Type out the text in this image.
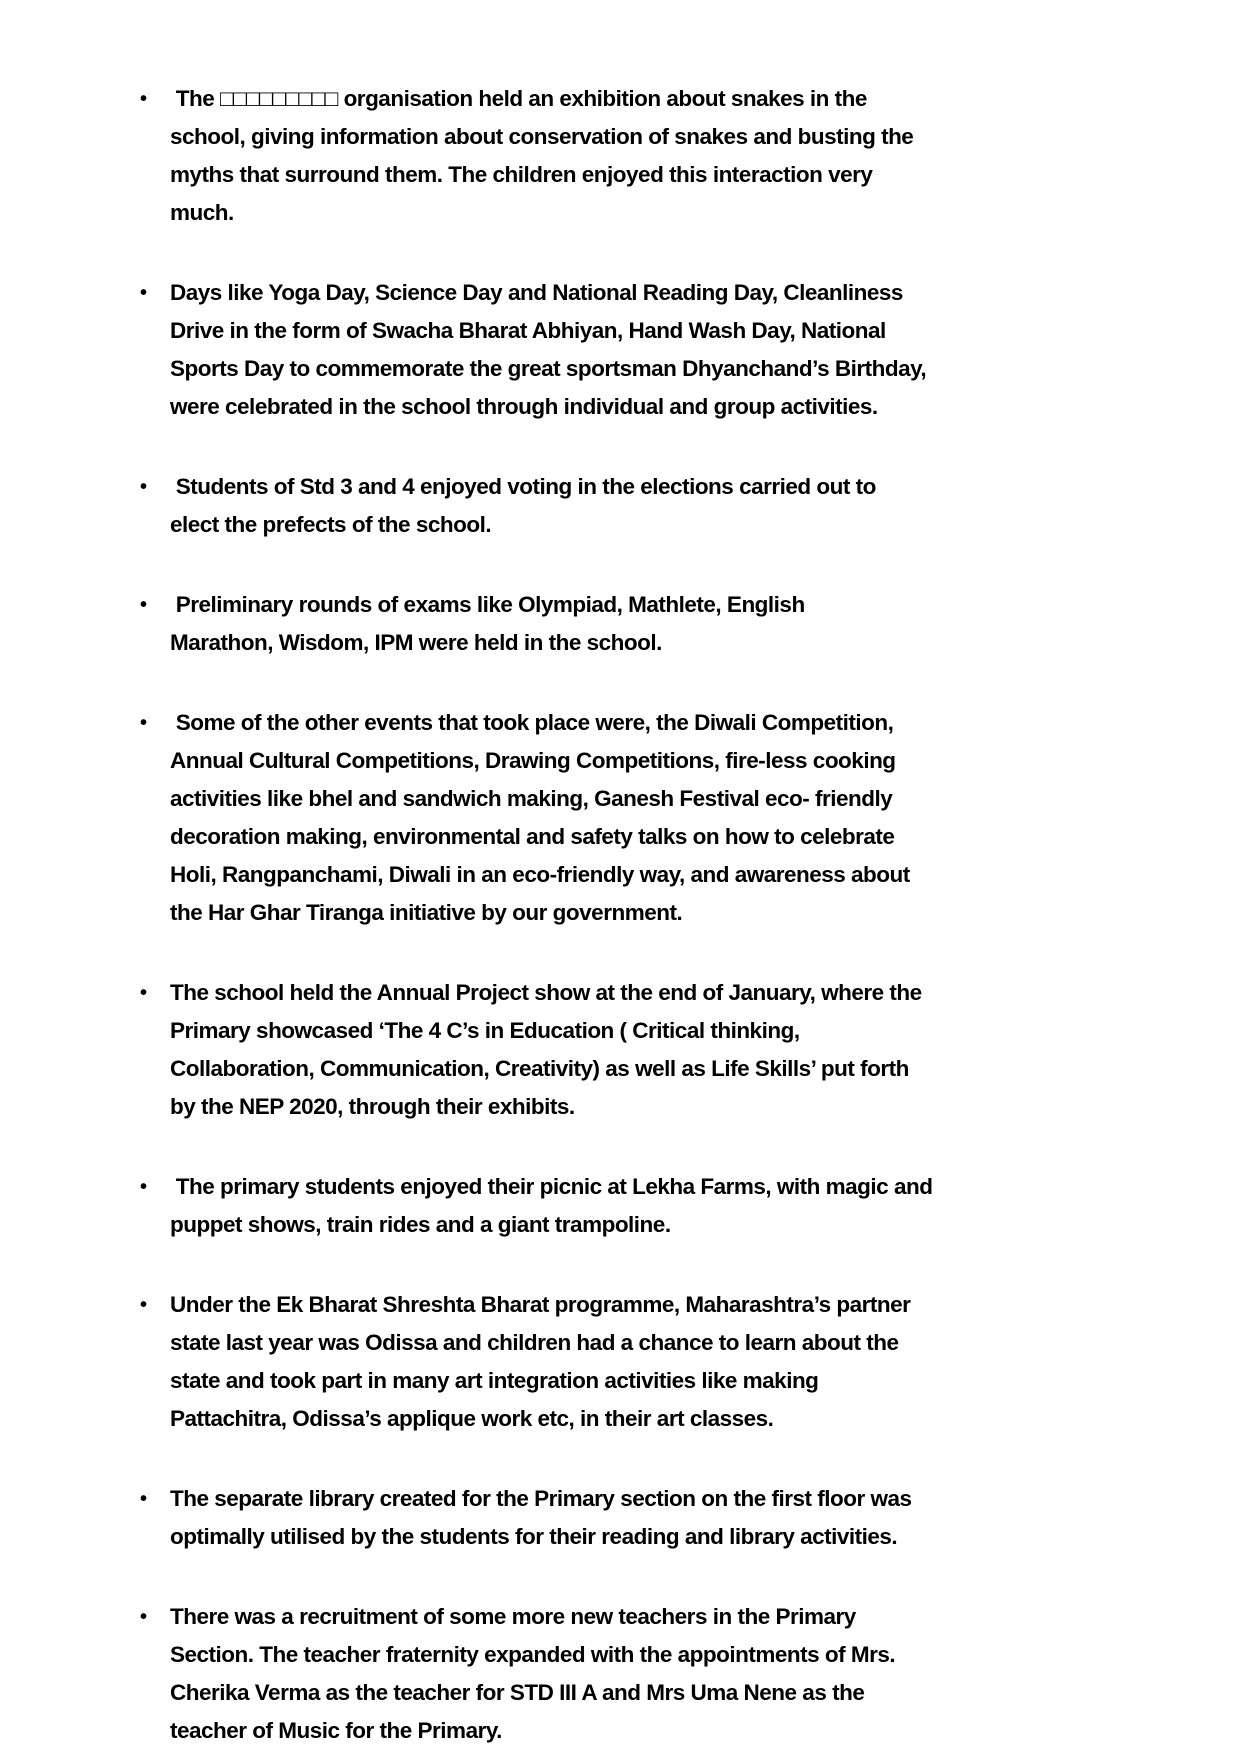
•	The □□□□□□□□□ organisation held an exhibition about snakes in the
school, giving information about conservation of snakes and busting the
myths that surround them. The children enjoyed this interaction very
much.
•	Days like Yoga Day, Science Day and National Reading Day, Cleanliness
Drive in the form of Swacha Bharat Abhiyan, Hand Wash Day, National
Sports Day to commemorate the great sportsman Dhyanchand’s Birthday,
were celebrated in the school through individual and group activities.
•	Students of Std 3 and 4 enjoyed voting in the elections carried out to
elect the prefects of the school.
•	Preliminary rounds of exams like Olympiad, Mathlete, English
Marathon, Wisdom, IPM were held in the school.
•	Some of the other events that took place were, the Diwali Competition,
Annual Cultural Competitions, Drawing Competitions, fire-less cooking
activities like bhel and sandwich making, Ganesh Festival eco- friendly
decoration making, environmental and safety talks on how to celebrate
Holi, Rangpanchami, Diwali in an eco-friendly way, and awareness about
the Har Ghar Tiranga initiative by our government.
•	The school held the Annual Project show at the end of January, where the
Primary showcased ‘The 4 C’s in Education ( Critical thinking,
Collaboration, Communication, Creativity) as well as Life Skills’ put forth
by the NEP 2020, through their exhibits.
•	The primary students enjoyed their picnic at Lekha Farms, with magic and
puppet shows, train rides and a giant trampoline.
•	Under the Ek Bharat Shreshta Bharat programme, Maharashtra’s partner
state last year was Odissa and children had a chance to learn about the
state and took part in many art integration activities like making
Pattachitra, Odissa’s applique work etc, in their art classes.
•	The separate library created for the Primary section on the first floor was
optimally utilised by the students for their reading and library activities.
•	There was a recruitment of some more new teachers in the Primary
Section. The teacher fraternity expanded with the appointments of Mrs.
Cherika Verma as the teacher for STD III A and Mrs Uma Nene as the
teacher of Music for the Primary.
